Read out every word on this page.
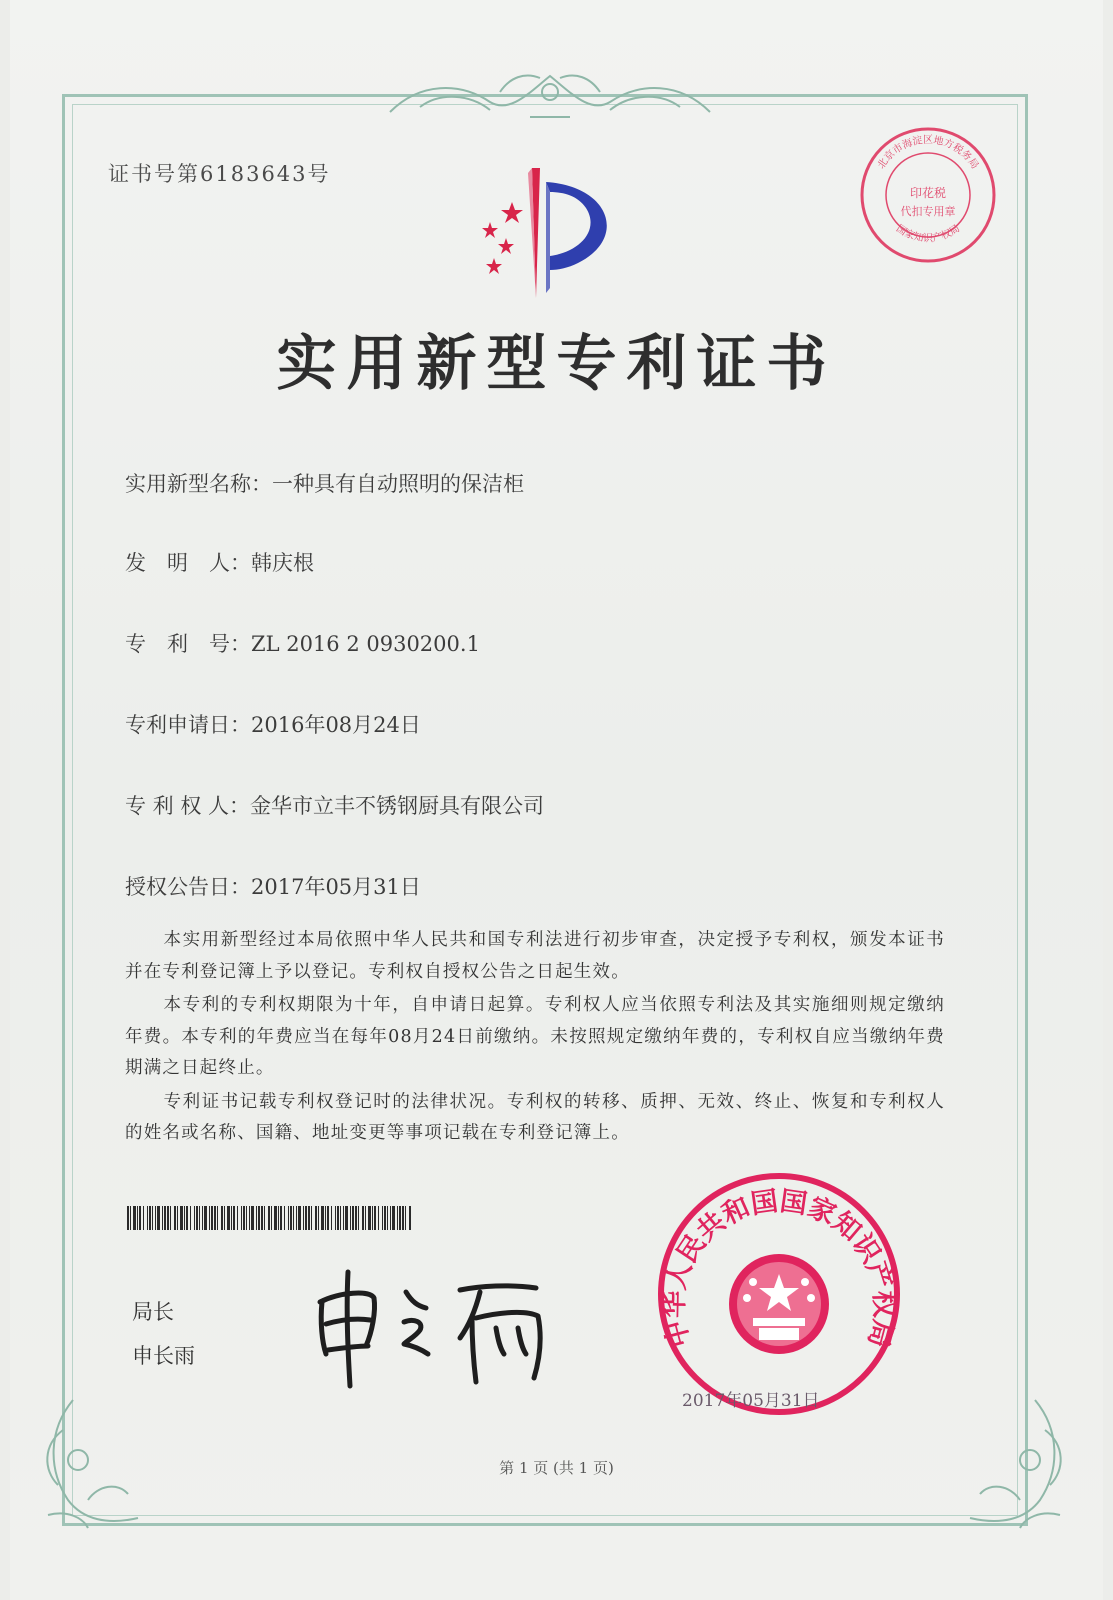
证书号第6183643号
印花税
代扣专用章
北京市海淀区地方税务局
国家知识产权局
实用新型专利证书
实用新型名称：一种具有自动照明的保洁柜
发　明　人：韩庆根
专　利　号：ZL 2016 2 0930200.1
专利申请日：2016年08月24日
专 利 权 人：金华市立丰不锈钢厨具有限公司
授权公告日：2017年05月31日

本实用新型经过本局依照中华人民共和国专利法进行初步审查，决定授予专利权，颁发本证书并在专利登记簿上予以登记。专利权自授权公告之日起生效。

本专利的专利权期限为十年，自申请日起算。专利权人应当依照专利法及其实施细则规定缴纳年费。本专利的年费应当在每年08月24日前缴纳。未按照规定缴纳年费的，专利权自应当缴纳年费期满之日起终止。

专利证书记载专利权登记时的法律状况。专利权的转移、质押、无效、终止、恢复和专利权人的姓名或名称、国籍、地址变更等事项记载在专利登记簿上。

局长
申长雨
中华人民共和国国家知识产权局
2017年05月31日
第 1 页 (共 1 页)
